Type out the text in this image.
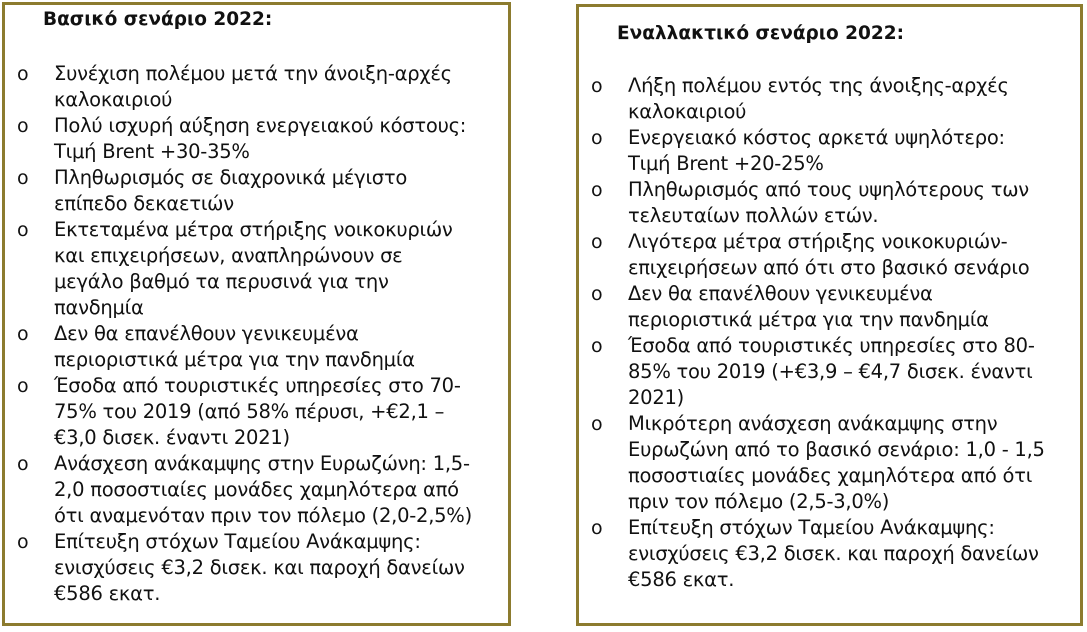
Βασικό σενάριο 2022:
o Συνέχιση πολέμου μετά την άνοιξη-αρχές
καλοκαιριού
o Πολύ ισχυρή αύξηση ενεργειακού κόστους:
Τιμή Brent +30-35%
o Πληθωρισμός σε διαχρονικά μέγιστο
επίπεδο δεκαετιών
o Εκτεταμένα μέτρα στήριξης νοικοκυριών
και επιχειρήσεων, αναπληρώνουν σε
μεγάλο βαθμό τα περυσινά για την
πανδημία
o Δεν θα επανέλθουν γενικευμένα
περιοριστικά μέτρα για την πανδημία
o Έσοδα από τουριστικές υπηρεσίες στο 70-
75% του 2019 (από 58% πέρυσι, +€2,1 –
€3,0 δισεκ. έναντι 2021)
o Ανάσχεση ανάκαμψης στην Ευρωζώνη: 1,5-
2,0 ποσοστιαίες μονάδες χαμηλότερα από
ότι αναμενόταν πριν τον πόλεμο (2,0-2,5%)
o Επίτευξη στόχων Ταμείου Ανάκαμψης:
ενισχύσεις €3,2 δισεκ. και παροχή δανείων
€586 εκατ.
Εναλλακτικό σενάριο 2022:
o Λήξη πολέμου εντός της άνοιξης-αρχές
καλοκαιριού
o Ενεργειακό κόστος αρκετά υψηλότερο:
Τιμή Brent +20-25%
o Πληθωρισμός από τους υψηλότερους των
τελευταίων πολλών ετών.
o Λιγότερα μέτρα στήριξης νοικοκυριών-
επιχειρήσεων από ότι στο βασικό σενάριο
o Δεν θα επανέλθουν γενικευμένα
περιοριστικά μέτρα για την πανδημία
o Έσοδα από τουριστικές υπηρεσίες στο 80-
85% του 2019 (+€3,9 – €4,7 δισεκ. έναντι
2021)
o Μικρότερη ανάσχεση ανάκαμψης στην
Ευρωζώνη από το βασικό σενάριο: 1,0 - 1,5
ποσοστιαίες μονάδες χαμηλότερα από ότι
πριν τον πόλεμο (2,5-3,0%)
o Επίτευξη στόχων Ταμείου Ανάκαμψης:
ενισχύσεις €3,2 δισεκ. και παροχή δανείων
€586 εκατ.
